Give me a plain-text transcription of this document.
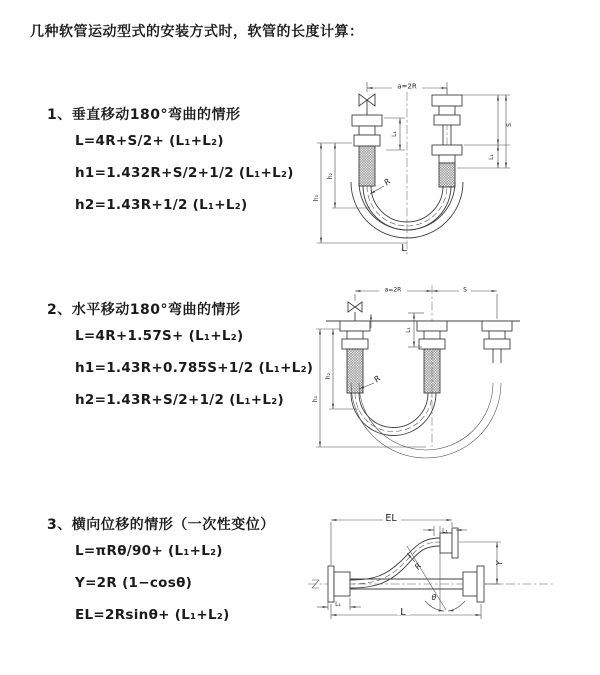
几种软管运动型式的安装方式时，软管的长度计算：
1、垂直移动180°弯曲的情形
L=4R+S/2+ (L₁+L₂)
h1=1.432R+S/2+1/2 (L₁+L₂)
h2=1.43R+1/2 (L₁+L₂)
2、水平移动180°弯曲的情形
L=4R+1.57S+ (L₁+L₂)
h1=1.43R+0.785S+1/2 (L₁+L₂)
h2=1.43R+S/2+1/2 (L₁+L₂)
3、横向位移的情形（一次性变位）
L=πRθ/90+ (L₁+L₂)
Y=2R (1−cosθ)
EL=2Rsinθ+ (L₁+L₂)
a=2R
h₁
h₂
L₁
S
L₁
R
L
a=2R	S
h₁
h₂
L₁
R
EL
L₁
Y
L
L₁
θ
R
